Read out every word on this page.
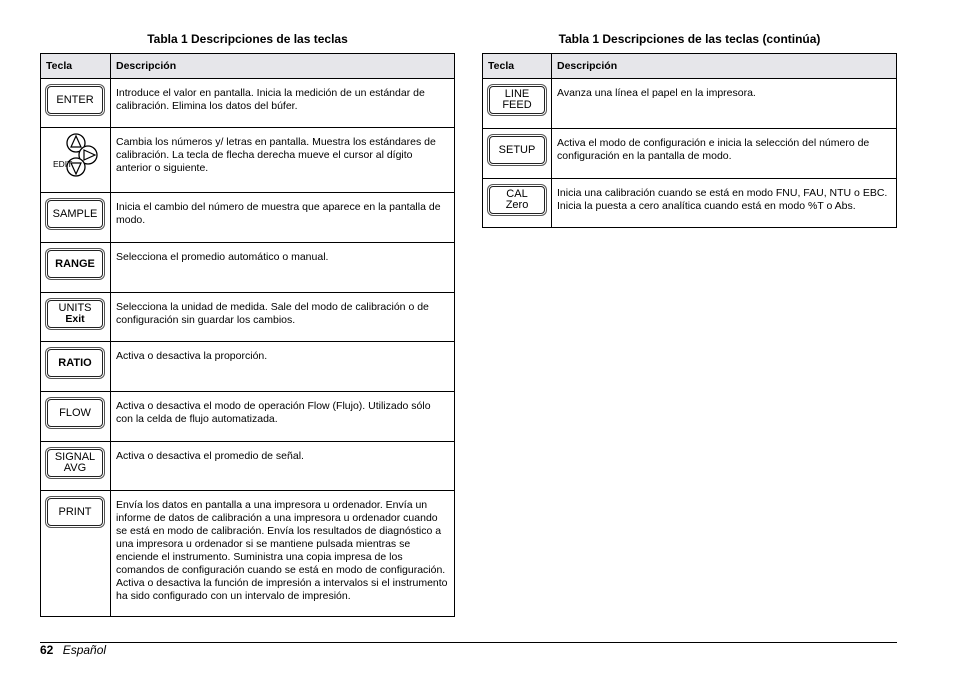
Tabla 1 Descripciones de las teclas
Tecla	Descripción

ENTER	Introduce el valor en pantalla. Inicia la medición de un estándar de calibración. Elimina los datos del búfer.

EDIT	Cambia los números y/ letras en pantalla. Muestra los estándares de calibración. La tecla de flecha derecha mueve el cursor al dígito anterior o siguiente.

SAMPLE	Inicia el cambio del número de muestra que aparece en la pantalla de modo.

RANGE	Selecciona el promedio automático o manual.

UNITS
Exit	Selecciona la unidad de medida. Sale del modo de calibración o de configuración sin guardar los cambios.

RATIO	Activa o desactiva la proporción.

FLOW	Activa o desactiva el modo de operación Flow (Flujo). Utilizado sólo con la celda de flujo automatizada.

SIGNAL
AVG	Activa o desactiva el promedio de señal.

PRINT	Envía los datos en pantalla a una impresora u ordenador. Envía un informe de datos de calibración a una impresora u ordenador cuando se está en modo de calibración. Envía los resultados de diagnóstico a una impresora u ordenador si se mantiene pulsada mientras se enciende el instrumento. Suministra una copia impresa de los comandos de configuración cuando se está en modo de configuración. Activa o desactiva la función de impresión a intervalos si el instrumento ha sido configurado con un intervalo de impresión.

Tabla 1 Descripciones de las teclas (continúa)
Tecla	Descripción

LINE
FEED	Avanza una línea el papel en la impresora.

SETUP	Activa el modo de configuración e inicia la selección del número de configuración en la pantalla de modo.

CAL
Zero	Inicia una calibración cuando se está en modo FNU, FAU, NTU o EBC. Inicia la puesta a cero analítica cuando está en modo %T o Abs.

62 Español
